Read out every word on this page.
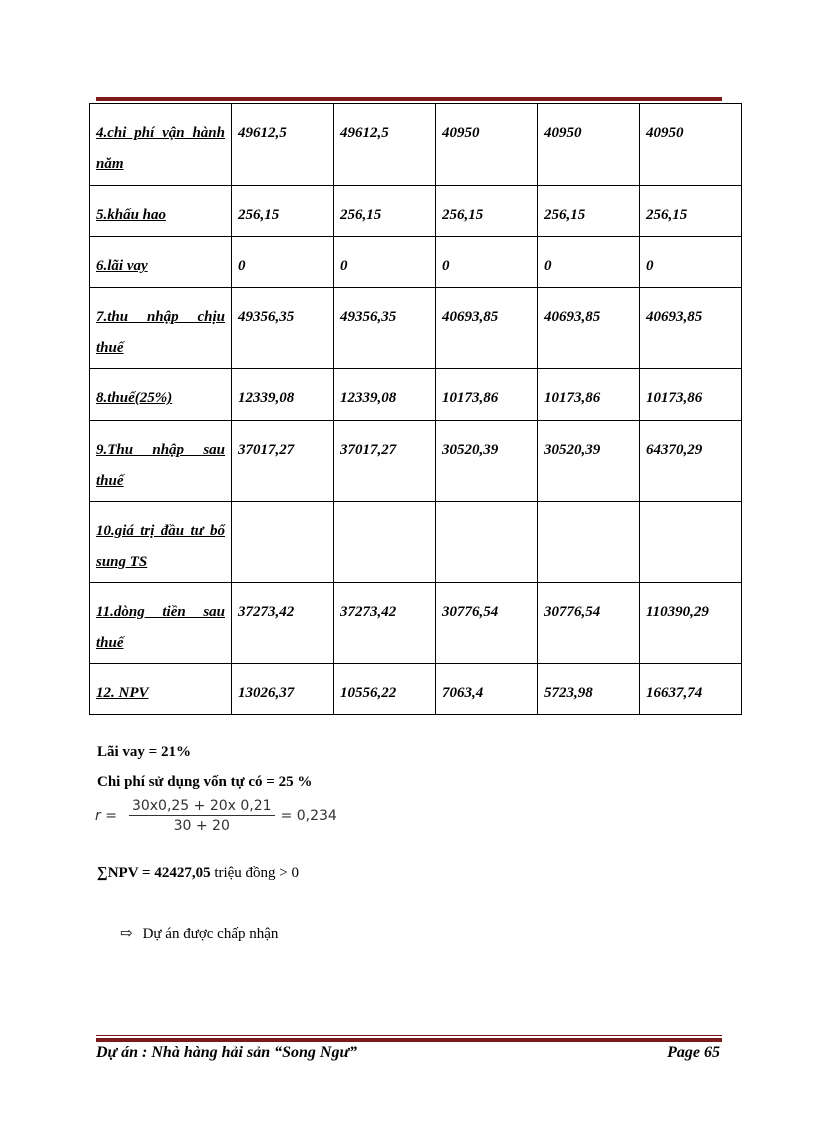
4.chi phí vận hành năm	49612,5	49612,5	40950	40950	40950

5.khấu hao	256,15	256,15	256,15	256,15	256,15

6.lãi vay	0	0	0	0	0

7.thu nhập chịu thuế	49356,35	49356,35	40693,85	40693,85	40693,85

8.thuế(25%)	12339,08	12339,08	10173,86	10173,86	10173,86

9.Thu nhập sau thuế	37017,27	37017,27	30520,39	30520,39	64370,29

10.giá trị đầu tư bổ sung TS					

11.dòng tiền sau thuế	37273,42	37273,42	30776,54	30776,54	110390,29

12. NPV	13026,37	10556,22	7063,4	5723,98	16637,74
Lãi vay = 21%
Chi phí sử dụng vốn tự có = 25 %
$r = \frac{30x0,25 + 20x 0,21}{30 + 20} = 0,234$
∑NPV = 42427,05 triệu đồng > 0
⇨ Dự án được chấp nhận
Dự án : Nhà hàng hải sản “Song Ngư”	Page 65
